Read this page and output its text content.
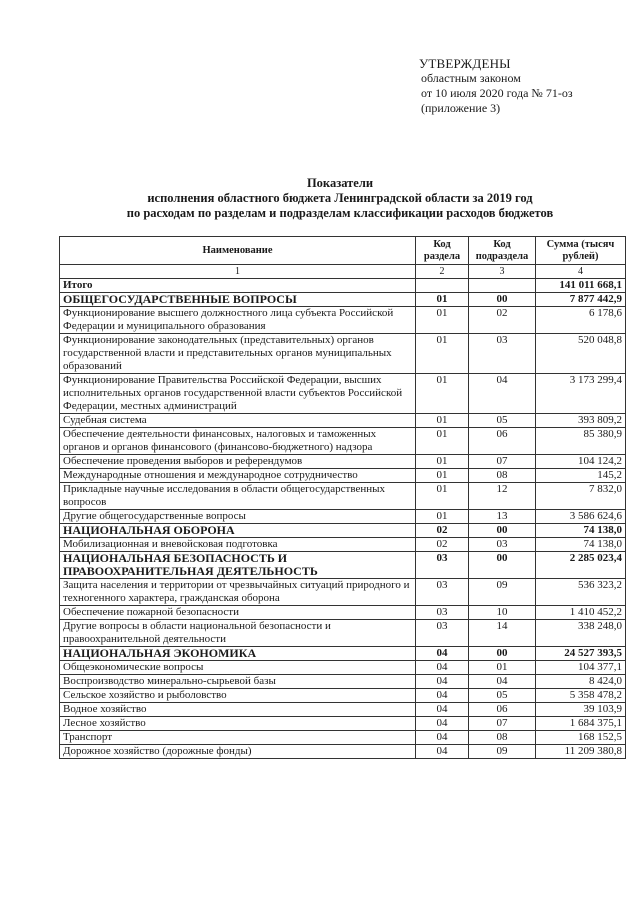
УТВЕРЖДЕНЫ
областным законом
от 10 июля 2020 года № 71-оз
(приложение 3)
Показатели
исполнения областного бюджета Ленинградской области за 2019 год
по расходам по разделам и подразделам классификации расходов бюджетов
Наименование	Код раздела	Код подраздела	Сумма (тысяч рублей)
1	2	3	4
Итого			141 011 668,1
ОБЩЕГОСУДАРСТВЕННЫЕ ВОПРОСЫ	01	00	7 877 442,9
Функционирование высшего должностного лица субъекта Российской Федерации и муниципального образования	01	02	6 178,6
Функционирование законодательных (представительных) органов государственной власти и представительных органов муниципальных образований	01	03	520 048,8
Функционирование Правительства Российской Федерации, высших исполнительных органов государственной власти субъектов Российской Федерации, местных администраций	01	04	3 173 299,4
Судебная система	01	05	393 809,2
Обеспечение деятельности финансовых, налоговых и таможенных органов и органов финансового (финансово-бюджетного) надзора	01	06	85 380,9
Обеспечение проведения выборов и референдумов	01	07	104 124,2
Международные отношения и международное сотрудничество	01	08	145,2
Прикладные научные исследования в области общегосударственных вопросов	01	12	7 832,0
Другие общегосударственные вопросы	01	13	3 586 624,6
НАЦИОНАЛЬНАЯ ОБОРОНА	02	00	74 138,0
Мобилизационная и вневойсковая подготовка	02	03	74 138,0
НАЦИОНАЛЬНАЯ БЕЗОПАСНОСТЬ И ПРАВООХРАНИТЕЛЬНАЯ ДЕЯТЕЛЬНОСТЬ	03	00	2 285 023,4
Защита населения и территории от чрезвычайных ситуаций природного и техногенного характера, гражданская оборона	03	09	536 323,2
Обеспечение пожарной безопасности	03	10	1 410 452,2
Другие вопросы в области национальной безопасности и правоохранительной деятельности	03	14	338 248,0
НАЦИОНАЛЬНАЯ ЭКОНОМИКА	04	00	24 527 393,5
Общеэкономические вопросы	04	01	104 377,1
Воспроизводство минерально-сырьевой базы	04	04	8 424,0
Сельское хозяйство и рыболовство	04	05	5 358 478,2
Водное хозяйство	04	06	39 103,9
Лесное хозяйство	04	07	1 684 375,1
Транспорт	04	08	168 152,5
Дорожное хозяйство (дорожные фонды)	04	09	11 209 380,8
